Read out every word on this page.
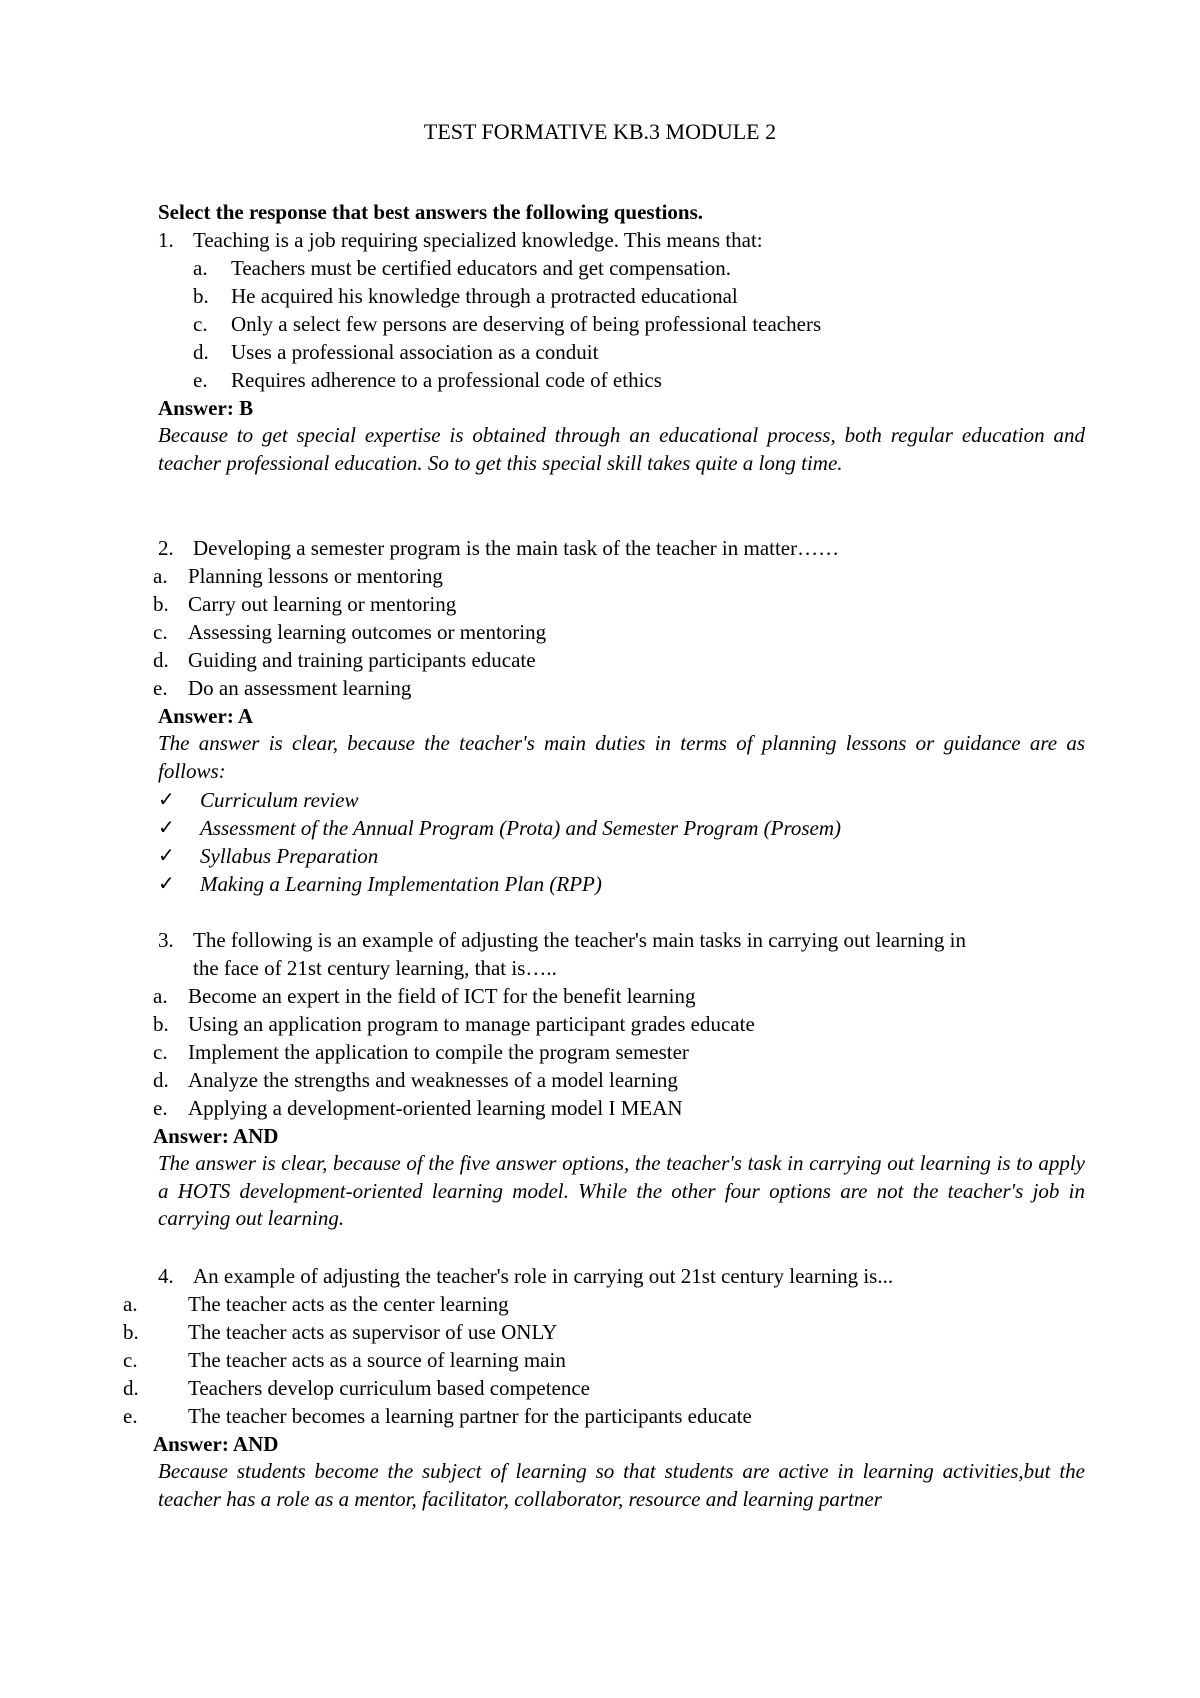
TEST FORMATIVE KB.3 MODULE 2
Select the response that best answers the following questions.
1. Teaching is a job requiring specialized knowledge. This means that:
a. Teachers must be certified educators and get compensation.
b. He acquired his knowledge through a protracted educational
c. Only a select few persons are deserving of being professional teachers
d. Uses a professional association as a conduit
e. Requires adherence to a professional code of ethics
Answer: B
Because to get special expertise is obtained through an educational process, both regular education and teacher professional education. So to get this special skill takes quite a long time.
2. Developing a semester program is the main task of the teacher in matter……
a. Planning lessons or mentoring
b. Carry out learning or mentoring
c. Assessing learning outcomes or mentoring
d. Guiding and training participants educate
e. Do an assessment learning
Answer: A
The answer is clear, because the teacher's main duties in terms of planning lessons or guidance are as follows:
✓ Curriculum review
✓ Assessment of the Annual Program (Prota) and Semester Program (Prosem)
✓ Syllabus Preparation
✓ Making a Learning Implementation Plan (RPP)
3. The following is an example of adjusting the teacher's main tasks in carrying out learning in
the face of 21st century learning, that is…..
a. Become an expert in the field of ICT for the benefit learning
b. Using an application program to manage participant grades educate
c. Implement the application to compile the program semester
d. Analyze the strengths and weaknesses of a model learning
e. Applying a development-oriented learning model I MEAN
Answer: AND
The answer is clear, because of the five answer options, the teacher's task in carrying out learning is to apply a HOTS development-oriented learning model. While the other four options are not the teacher's job in carrying out learning.
4. An example of adjusting the teacher's role in carrying out 21st century learning is...
a. The teacher acts as the center learning
b. The teacher acts as supervisor of use ONLY
c. The teacher acts as a source of learning main
d. Teachers develop curriculum based competence
e. The teacher becomes a learning partner for the participants educate
Answer: AND
Because students become the subject of learning so that students are active in learning activities,but the teacher has a role as a mentor, facilitator, collaborator, resource and learning partner
